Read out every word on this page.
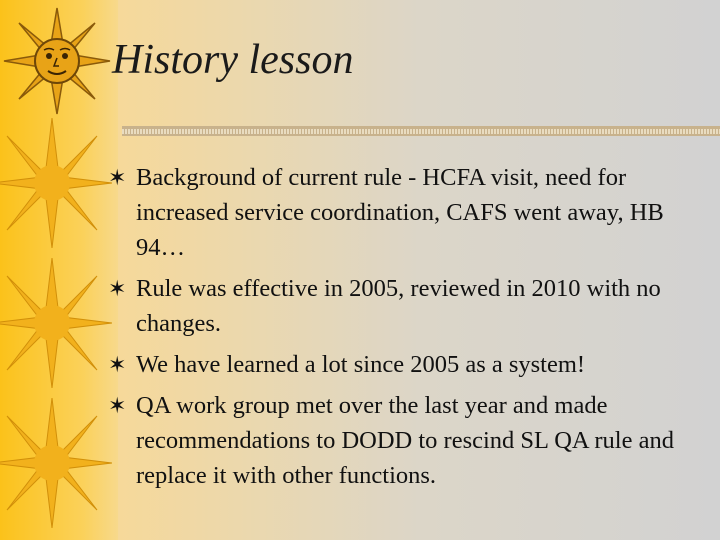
History lesson
✶ Background of current rule - HCFA visit, need for increased service coordination, CAFS went away, HB 94…
✶ Rule was effective in 2005, reviewed in 2010 with no changes.
✶ We have learned a lot since 2005 as a system!
✶ QA work group met over the last year and made recommendations to DODD to rescind SL QA rule and replace it with other functions.
